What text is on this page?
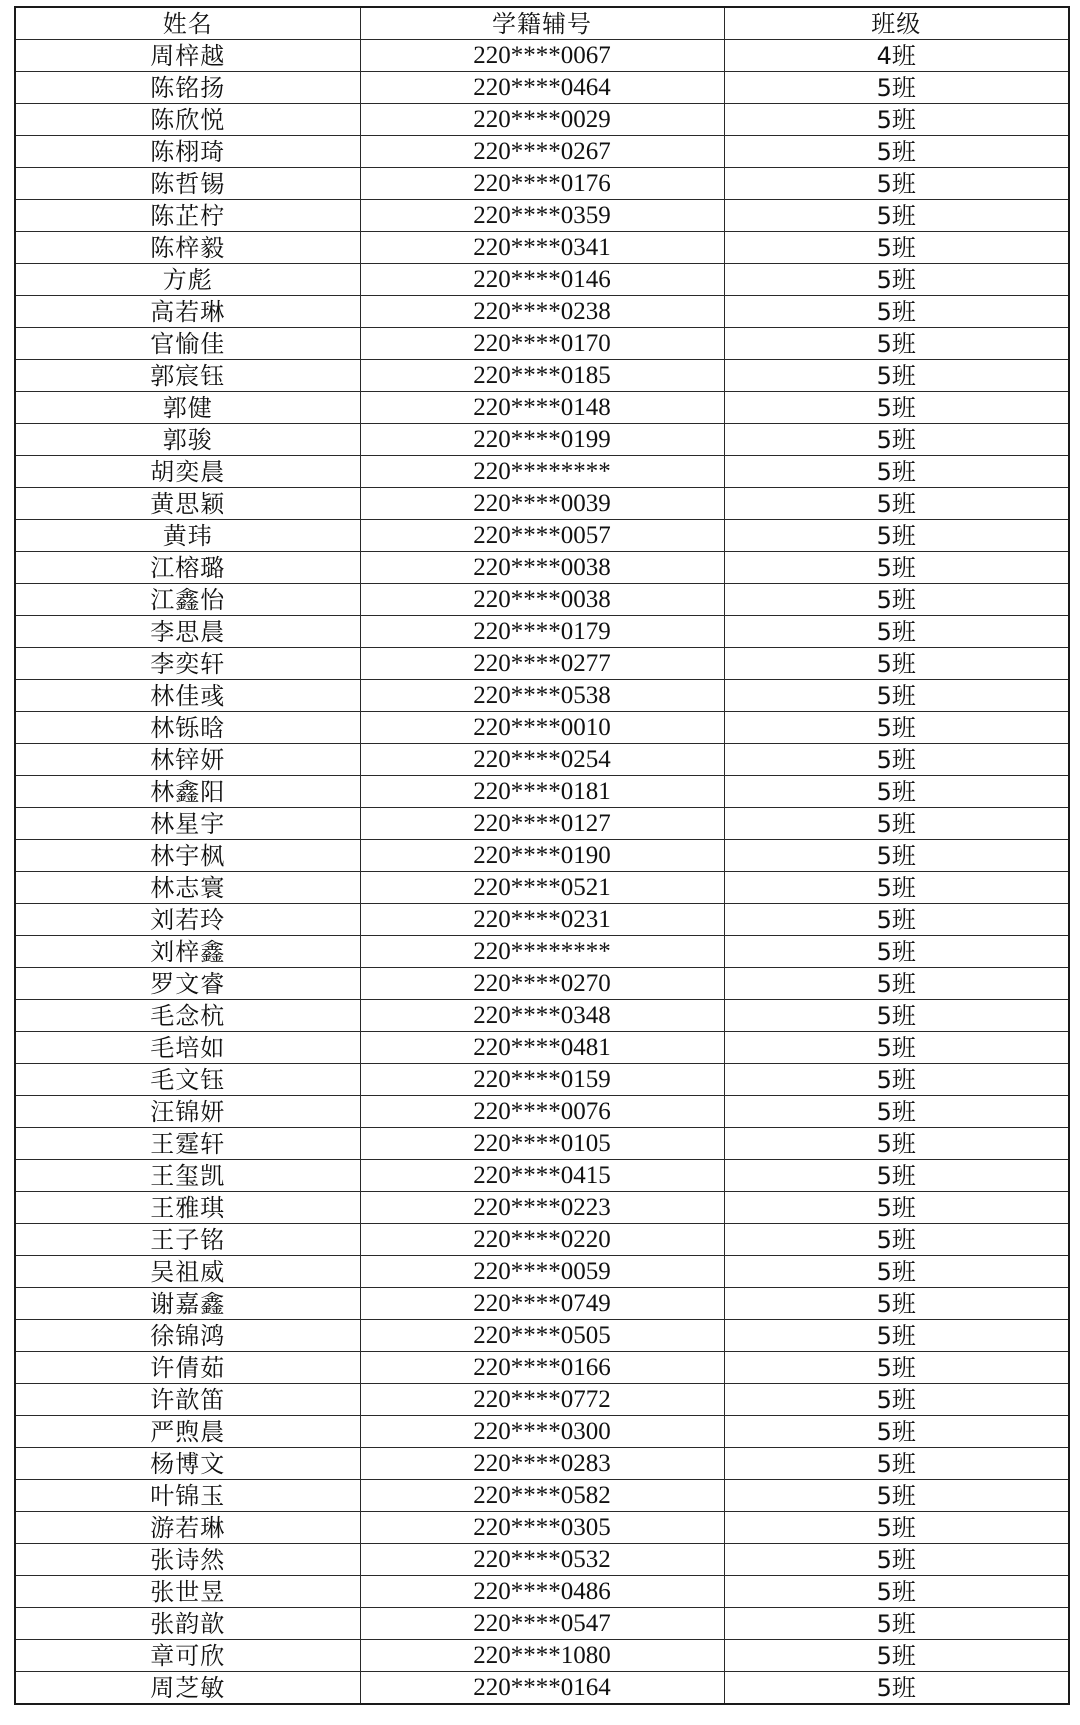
姓名	学籍辅号	班级
周梓越	220****0067	4班
陈铭扬	220****0464	5班
陈欣悦	220****0029	5班
陈栩琦	220****0267	5班
陈哲锡	220****0176	5班
陈芷柠	220****0359	5班
陈梓毅	220****0341	5班
方彪	220****0146	5班
高若琳	220****0238	5班
官愉佳	220****0170	5班
郭宸钰	220****0185	5班
郭健	220****0148	5班
郭骏	220****0199	5班
胡奕晨	220********	5班
黄思颖	220****0039	5班
黄玮	220****0057	5班
江榕璐	220****0038	5班
江鑫怡	220****0038	5班
李思晨	220****0179	5班
李奕轩	220****0277	5班
林佳彧	220****0538	5班
林铄晗	220****0010	5班
林锌妍	220****0254	5班
林鑫阳	220****0181	5班
林星宇	220****0127	5班
林宇枫	220****0190	5班
林志寰	220****0521	5班
刘若玲	220****0231	5班
刘梓鑫	220********	5班
罗文睿	220****0270	5班
毛念杭	220****0348	5班
毛培如	220****0481	5班
毛文钰	220****0159	5班
汪锦妍	220****0076	5班
王霆轩	220****0105	5班
王玺凯	220****0415	5班
王雅琪	220****0223	5班
王子铭	220****0220	5班
吴祖威	220****0059	5班
谢嘉鑫	220****0749	5班
徐锦鸿	220****0505	5班
许倩茹	220****0166	5班
许歆笛	220****0772	5班
严煦晨	220****0300	5班
杨博文	220****0283	5班
叶锦玉	220****0582	5班
游若琳	220****0305	5班
张诗然	220****0532	5班
张世昱	220****0486	5班
张韵歆	220****0547	5班
章可欣	220****1080	5班
周芝敏	220****0164	5班
